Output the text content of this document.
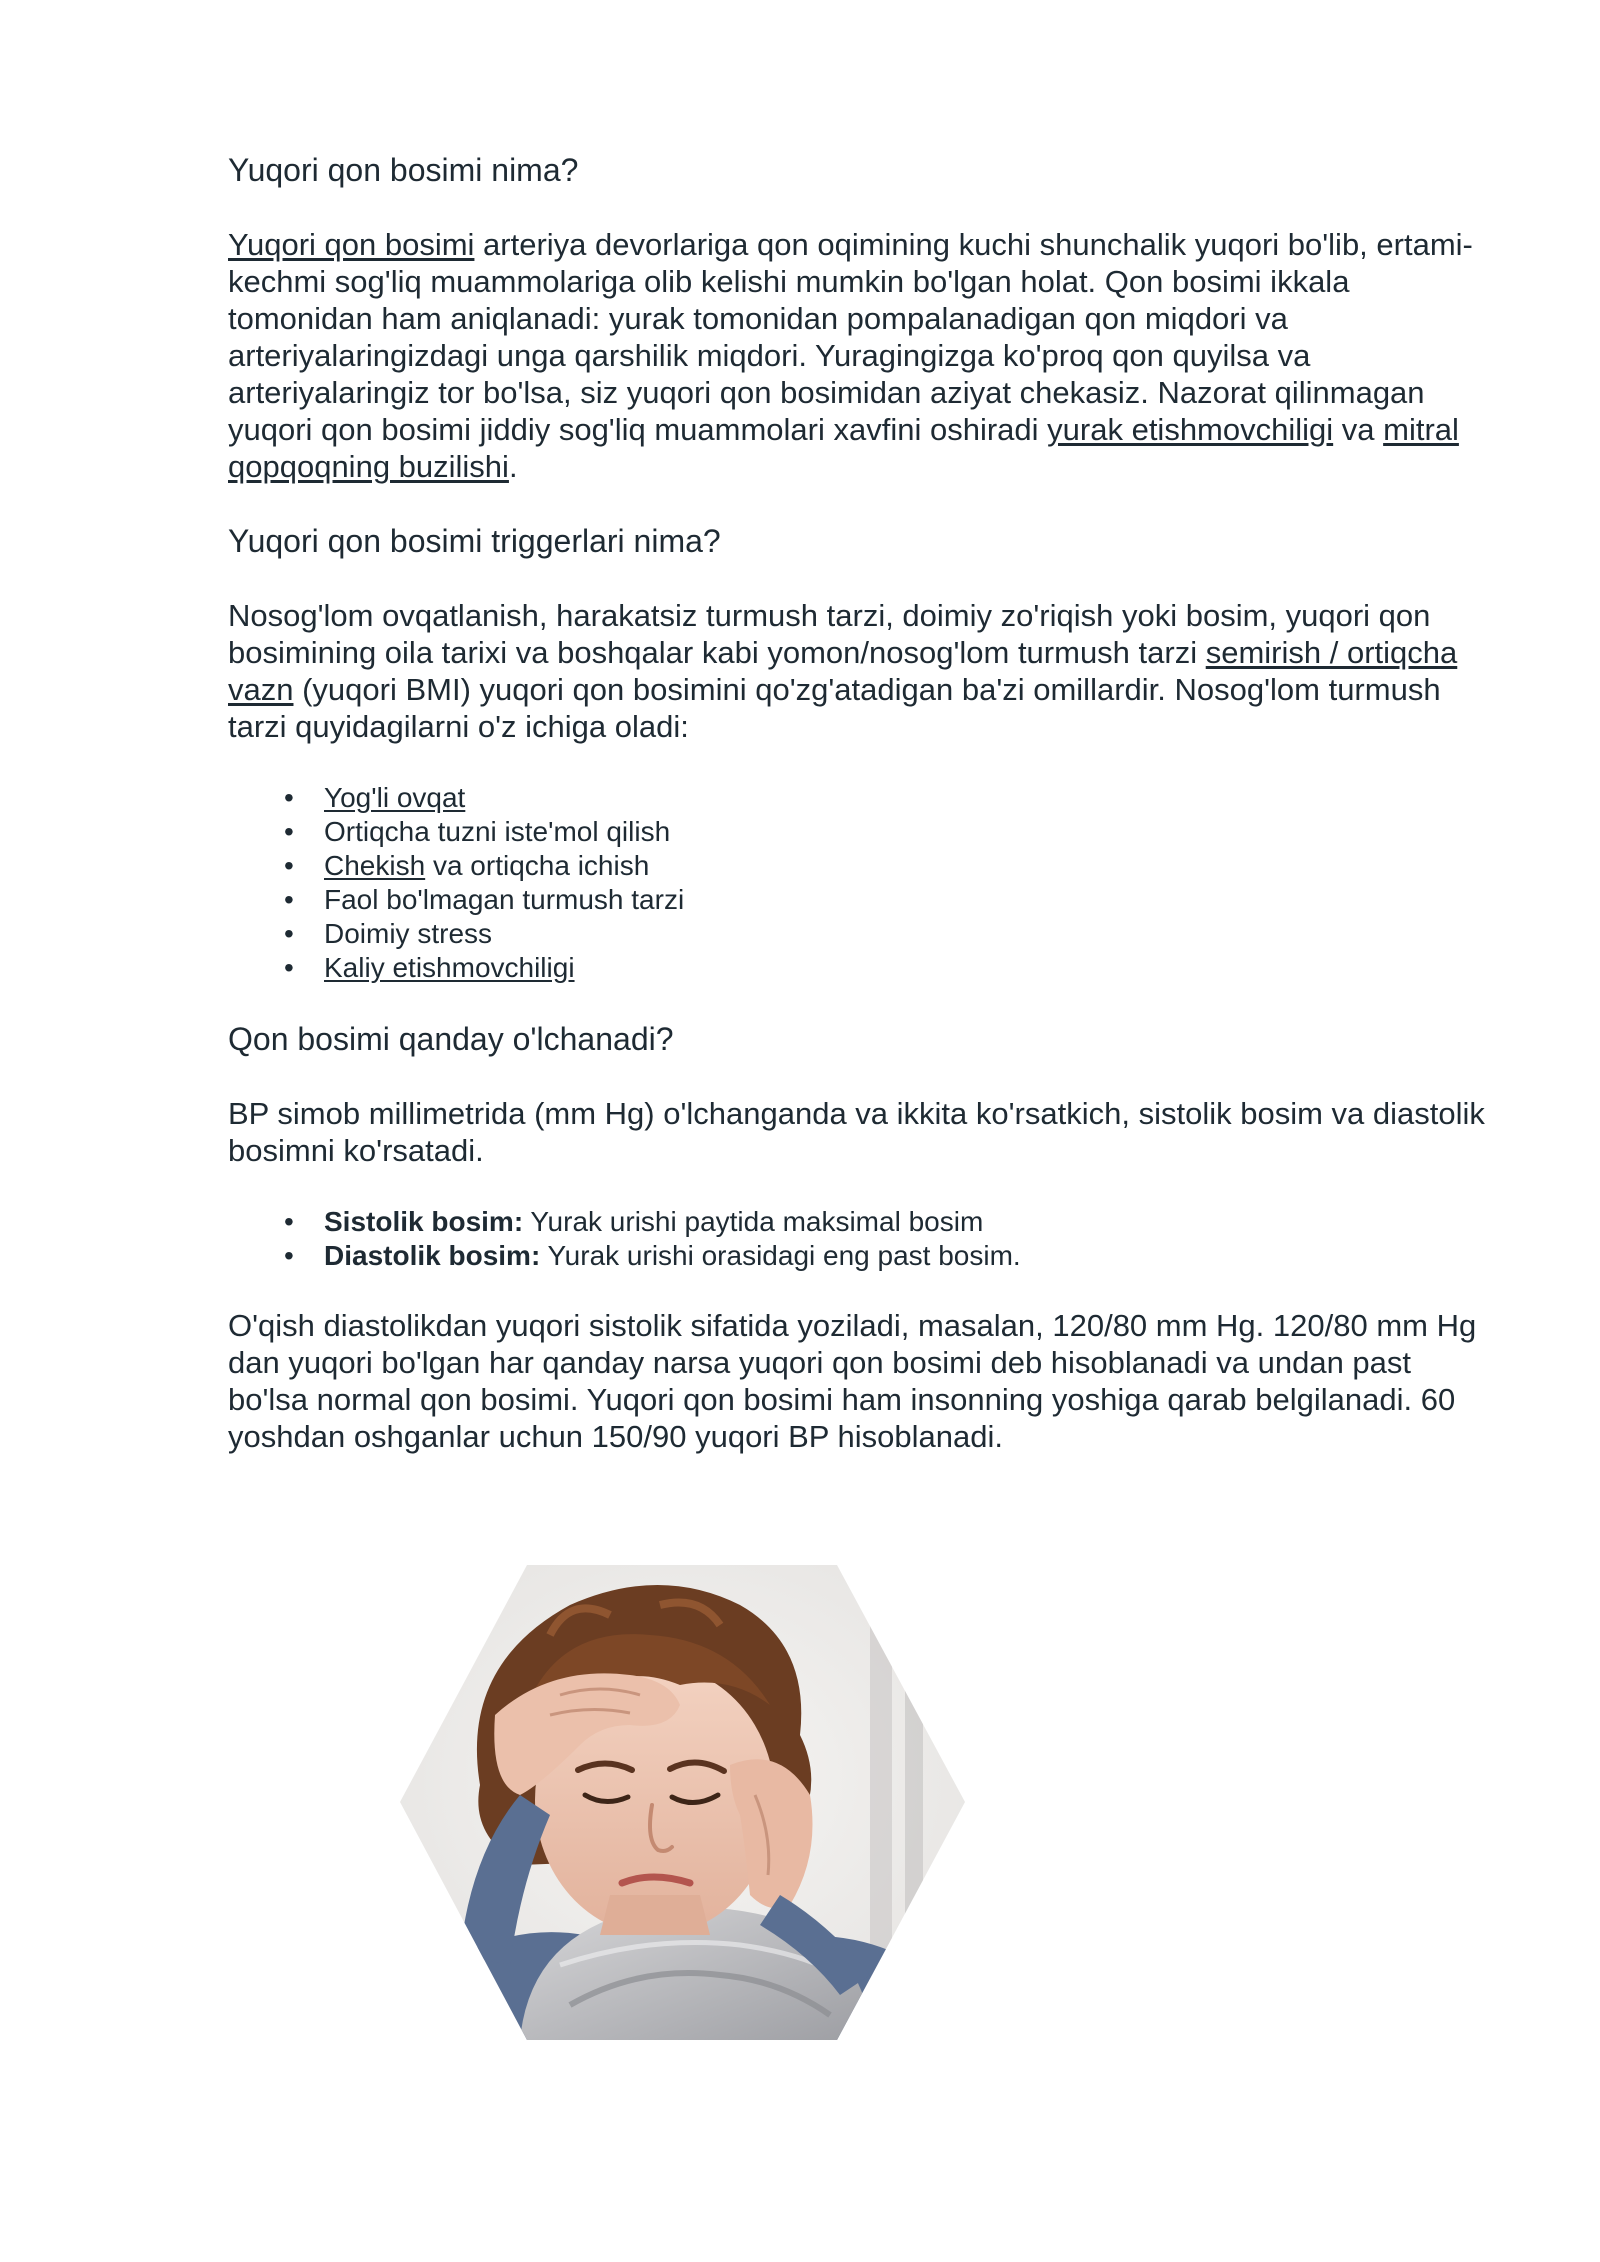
Yuqori qon bosimi nima?

Yuqori qon bosimi arteriya devorlariga qon oqimining kuchi shunchalik yuqori bo'lib, ertami-kechmi sog'liq muammolariga olib kelishi mumkin bo'lgan holat. Qon bosimi ikkala tomonidan ham aniqlanadi: yurak tomonidan pompalanadigan qon miqdori va arteriyalaringizdagi unga qarshilik miqdori. Yuragingizga ko'proq qon quyilsa va arteriyalaringiz tor bo'lsa, siz yuqori qon bosimidan aziyat chekasiz. Nazorat qilinmagan yuqori qon bosimi jiddiy sog'liq muammolari xavfini oshiradi yurak etishmovchiligi va mitral qopqoqning buzilishi.

Yuqori qon bosimi triggerlari nima?

Nosog'lom ovqatlanish, harakatsiz turmush tarzi, doimiy zo'riqish yoki bosim, yuqori qon bosimining oila tarixi va boshqalar kabi yomon/nosog'lom turmush tarzi semirish / ortiqcha vazn (yuqori BMI) yuqori qon bosimini qo'zg'atadigan ba'zi omillardir. Nosog'lom turmush tarzi quyidagilarni o'z ichiga oladi:

• Yog'li ovqat
• Ortiqcha tuzni iste'mol qilish
• Chekish va ortiqcha ichish
• Faol bo'lmagan turmush tarzi
• Doimiy stress
• Kaliy etishmovchiligi
Qon bosimi qanday o'lchanadi?

BP simob millimetrida (mm Hg) o'lchanganda va ikkita ko'rsatkich, sistolik bosim va diastolik bosimni ko'rsatadi.

• Sistolik bosim: Yurak urishi paytida maksimal bosim
• Diastolik bosim: Yurak urishi orasidagi eng past bosim.

O'qish diastolikdan yuqori sistolik sifatida yoziladi, masalan, 120/80 mm Hg. 120/80 mm Hg dan yuqori bo'lgan har qanday narsa yuqori qon bosimi deb hisoblanadi va undan past bo'lsa normal qon bosimi. Yuqori qon bosimi ham insonning yoshiga qarab belgilanadi. 60 yoshdan oshganlar uchun 150/90 yuqori BP hisoblanadi.
